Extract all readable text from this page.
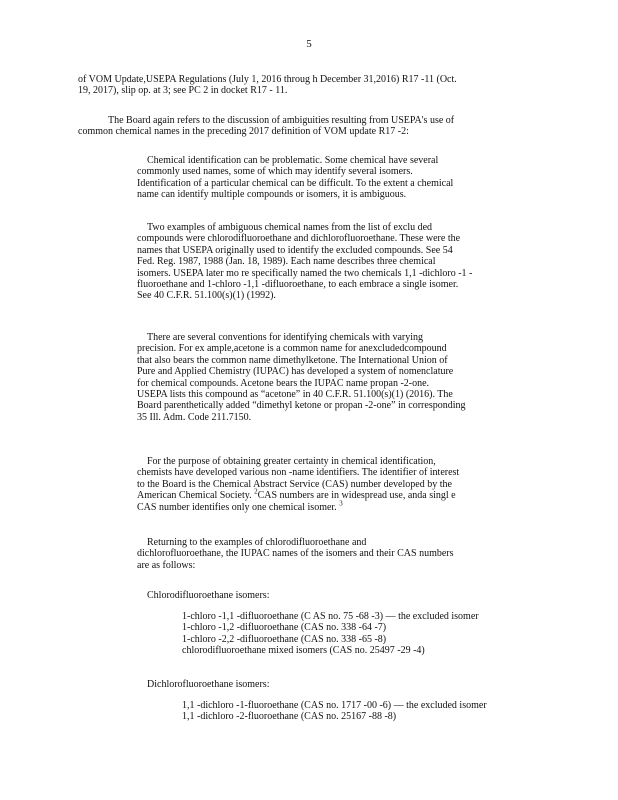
5
of VOM Update,USEPA Regulations (July 1, 2016 throug h December 31,2016) R17 -11 (Oct.
19, 2017), slip op. at 3; see PC 2 in docket R17 - 11.
The Board again refers to the discussion of ambiguities resulting from USEPA's use of
common chemical names in the preceding 2017 definition of VOM update R17 -2:
Chemical identification can be problematic. Some chemical have several
commonly used names, some of which may identify several isomers.
Identification of a particular chemical can be difficult. To the extent a chemical
name can identify multiple compounds or isomers, it is ambiguous.
Two examples of ambiguous chemical names from the list of exclu ded
compounds were chlorodifluoroethane and dichlorofluoroethane. These were the
names that USEPA originally used to identify the excluded compounds. See 54
Fed. Reg. 1987, 1988 (Jan. 18, 1989). Each name describes three chemical
isomers. USEPA later mo re specifically named the two chemicals 1,1 -dichloro -1 -
fluoroethane and 1-chloro -1,1 -difluoroethane, to each embrace a single isomer.
See 40 C.F.R. 51.100(s)(1) (1992).
There are several conventions for identifying chemicals with varying
precision. For ex ample,acetone is a common name for anexcludedcompound
that also bears the common name dimethylketone. The International Union of
Pure and Applied Chemistry (IUPAC) has developed a system of nomenclature
for chemical compounds. Acetone bears the IUPAC name propan -2-one.
USEPA lists this compound as “acetone” in 40 C.F.R. 51.100(s)(1) (2016). The
Board parenthetically added “dimethyl ketone or propan -2-one” in corresponding
35 Ill. Adm. Code 211.7150.
For the purpose of obtaining greater certainty in chemical identification,
chemists have developed various non -name identifiers. The identifier of interest
to the Board is the Chemical Abstract Service (CAS) number developed by the
American Chemical Society. $^2$CAS numbers are in widespread use, anda singl e
CAS number identifies only one chemical isomer. $^3$
Returning to the examples of chlorodifluoroethane and
dichlorofluoroethane, the IUPAC names of the isomers and their CAS numbers
are as follows:
Chlorodifluoroethane isomers:
1-chloro -1,1 -difluoroethane (C AS no. 75 -68 -3) — the excluded isomer
1-chloro -1,2 -difluoroethane (CAS no. 338 -64 -7)
1-chloro -2,2 -difluoroethane (CAS no. 338 -65 -8)
chlorodifluoroethane mixed isomers (CAS no. 25497 -29 -4)
Dichlorofluoroethane isomers:
1,1 -dichloro -1-fluoroethane (CAS no. 1717 -00 -6) — the excluded isomer
1,1 -dichloro -2-fluoroethane (CAS no. 25167 -88 -8)
